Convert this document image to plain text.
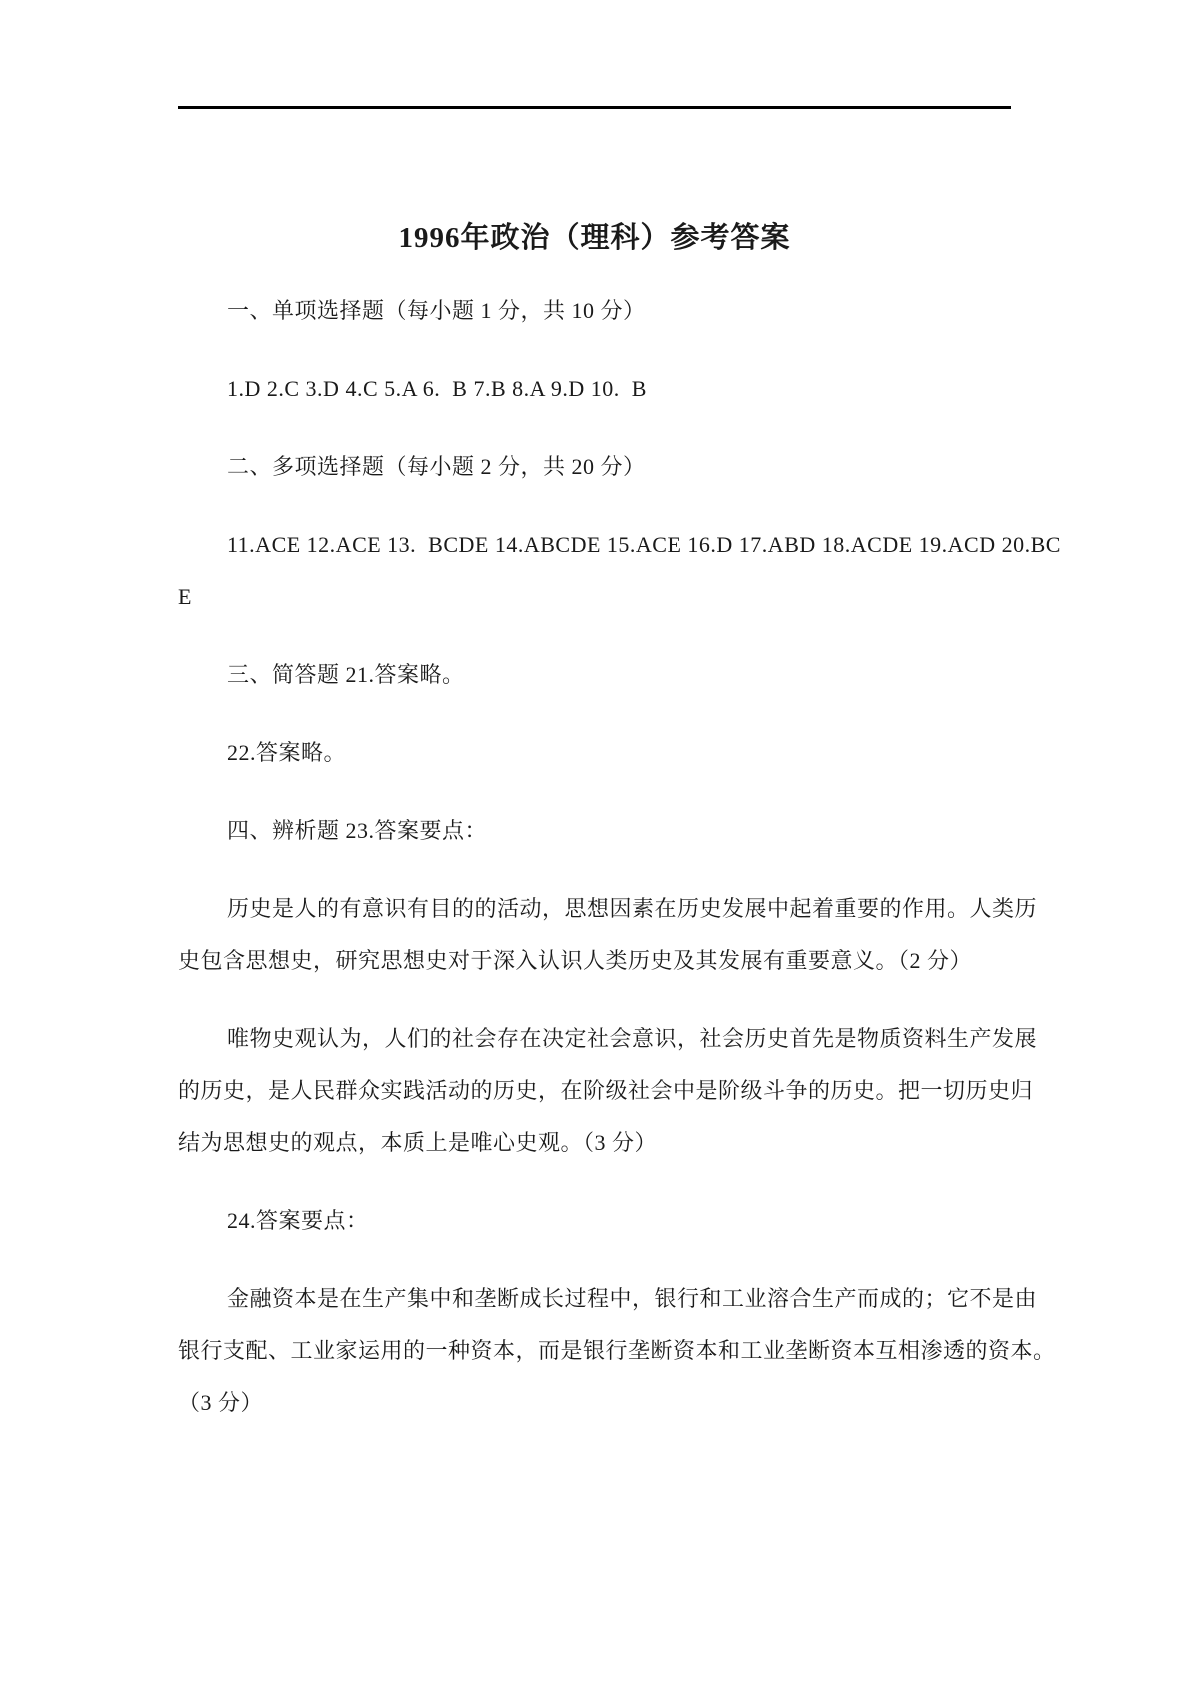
1996年政治（理科）参考答案
一、单项选择题（每小题 1 分，共 10 分）
1.D 2.C 3.D 4.C 5.A 6.  B 7.B 8.A 9.D 10.  B
二、多项选择题（每小题 2 分，共 20 分）
11.ACE 12.ACE 13.  BCDE 14.ABCDE 15.ACE 16.D 17.ABD 18.ACDE 19.ACD 20.BC
E
三、简答题 21.答案略。
22.答案略。
四、辨析题 23.答案要点：
历史是人的有意识有目的的活动，思想因素在历史发展中起着重要的作用。人类历
史包含思想史，研究思想史对于深入认识人类历史及其发展有重要意义。（2 分）
唯物史观认为，人们的社会存在决定社会意识，社会历史首先是物质资料生产发展
的历史，是人民群众实践活动的历史，在阶级社会中是阶级斗争的历史。把一切历史归
结为思想史的观点，本质上是唯心史观。（3 分）
24.答案要点：
金融资本是在生产集中和垄断成长过程中，银行和工业溶合生产而成的；它不是由
银行支配、工业家运用的一种资本，而是银行垄断资本和工业垄断资本互相渗透的资本。
（3 分）
